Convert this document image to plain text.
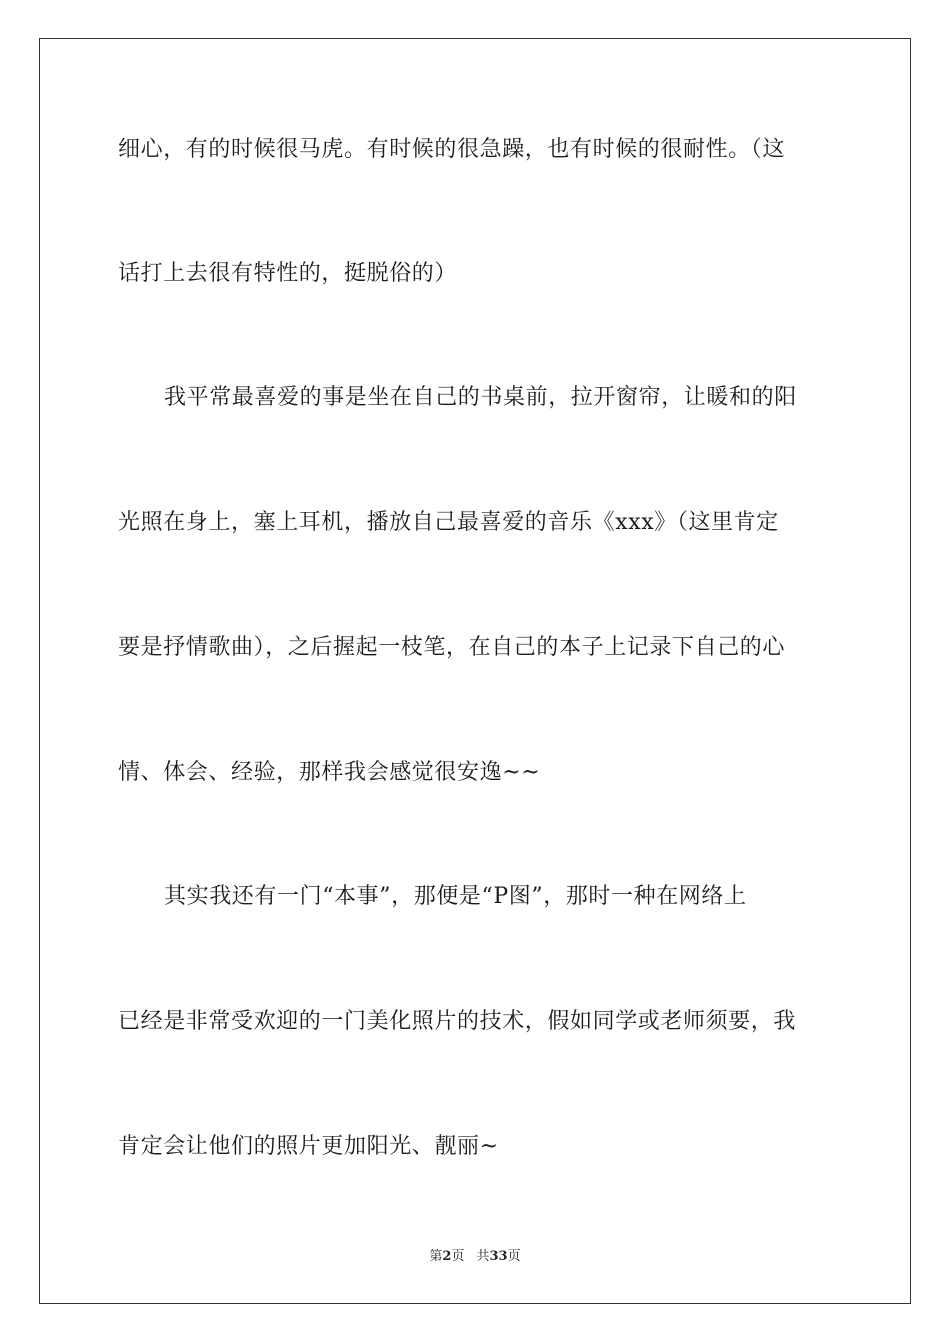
细心，有的时候很马虎。有时候的很急躁，也有时候的很耐性。（这
话打上去很有特性的，挺脱俗的）
我平常最喜爱的事是坐在自己的书桌前，拉开窗帘，让暖和的阳
光照在身上，塞上耳机，播放自己最喜爱的音乐《xxx》（这里肯定
要是抒情歌曲），之后握起一枝笔，在自己的本子上记录下自己的心
情、体会、经验，那样我会感觉很安逸~~
其实我还有一门“本事”，那便是“P图”，那时一种在网络上
已经是非常受欢迎的一门美化照片的技术，假如同学或老师须要，我
肯定会让他们的照片更加阳光、靓丽~
第2页 共33页
